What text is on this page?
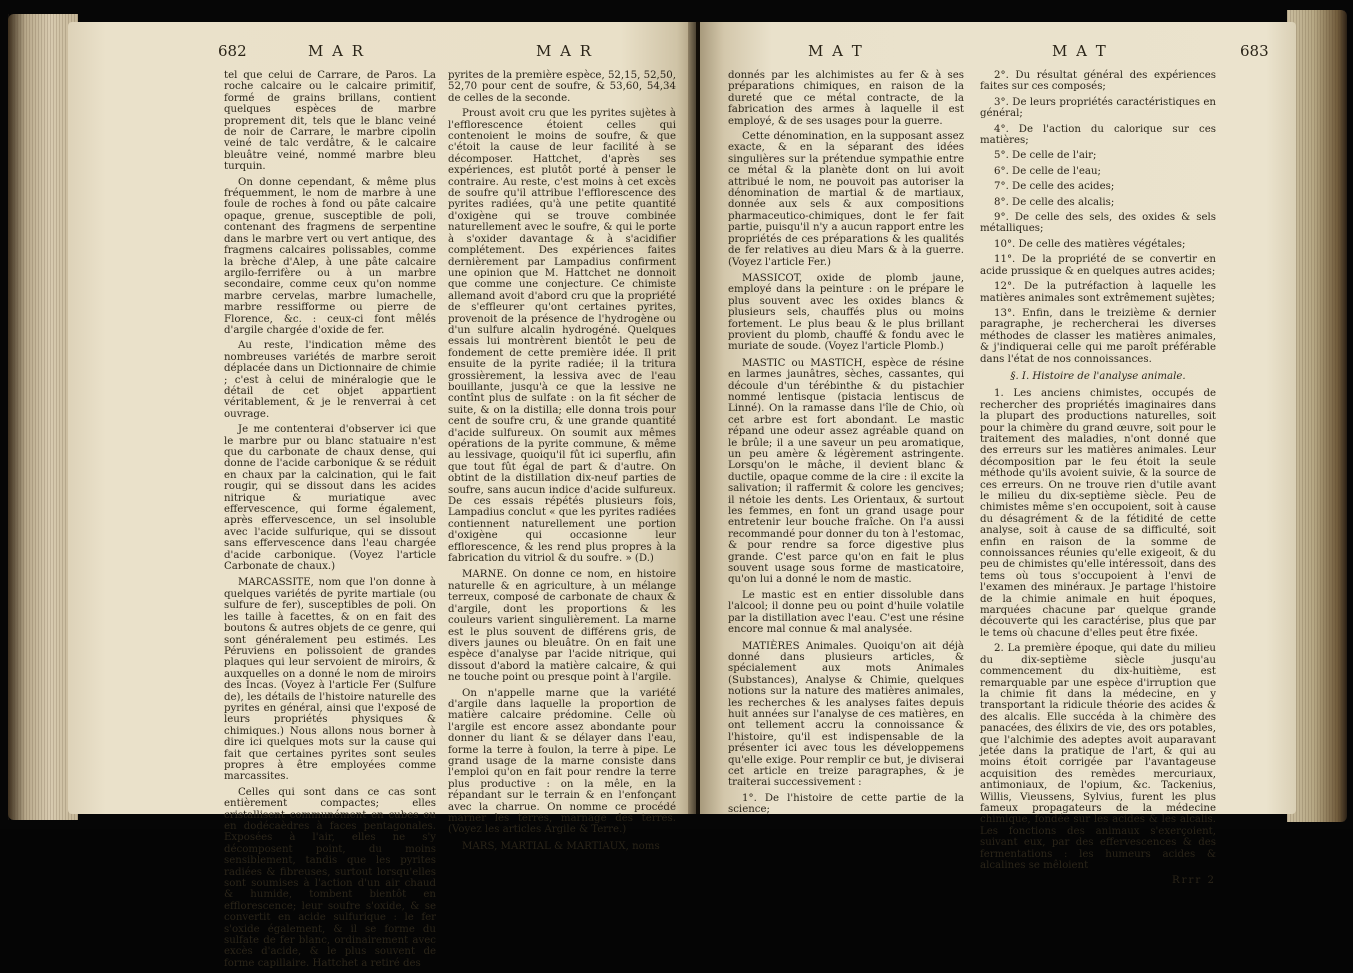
682	M A R	M A R

tel que celui de Carrare, de Paros. La roche calcaire ou le calcaire primitif, formé de grains brillans, contient quelques espèces de marbre proprement dit, tels que le blanc veiné de noir de Carrare, le marbre cipolin veiné de talc verdâtre, & le calcaire bleuâtre veiné, nommé marbre bleu turquin.

On donne cependant, & même plus fréquemment, le nom de marbre à une foule de roches à fond ou pâte calcaire opaque, grenue, susceptible de poli, contenant des fragmens de serpentine dans le marbre vert ou vert antique, des fragmens calcaires polissables, comme la brèche d'Alep, à une pâte calcaire argilo-ferrifère ou à un marbre secondaire, comme ceux qu'on nomme marbre cervelas, marbre lumachelle, marbre ressifforme ou pierre de Florence, &c. : ceux-ci font mêlés d'argile chargée d'oxide de fer.

Au reste, l'indication même des nombreuses variétés de marbre seroit déplacée dans un Dictionnaire de chimie ; c'est à celui de minéralogie que le détail de cet objet appartient véritablement, & je le renverrai à cet ouvrage.

Je me contenterai d'observer ici que le marbre pur ou blanc statuaire n'est que du carbonate de chaux dense, qui donne de l'acide carbonique & se réduit en chaux par la calcination, qui le fait rougir, qui se dissout dans les acides nitrique & muriatique avec effervescence, qui forme également, après effervescence, un sel insoluble avec l'acide sulfurique, qui se dissout sans effervescence dans l'eau chargée d'acide carbonique. (Voyez l'article Carbonate de chaux.)

MARCASSITE, nom que l'on donne à quelques variétés de pyrite martiale (ou sulfure de fer), susceptibles de poli. On les taille à facettes, & on en fait des boutons & autres objets de ce genre, qui sont généralement peu estimés. Les Péruviens en polissoient de grandes plaques qui leur servoient de miroirs, & auxquelles on a donné le nom de miroirs des Incas. (Voyez à l'article Fer (Sulfure de), les détails de l'histoire naturelle des pyrites en général, ainsi que l'exposé de leurs propriétés physiques & chimiques.) Nous allons nous borner à dire ici quelques mots sur la cause qui fait que certaines pyrites sont seules propres à être employées comme marcassites.

Celles qui sont dans ce cas sont entièrement compactes; elles cristallisent communément en cubes ou en dodécaèdres à faces pentagonales. Exposées à l'air, elles ne s'y décomposent point, du moins sensiblement, tandis que les pyrites radiées & fibreuses, surtout lorsqu'elles sont soumises à l'action d'un air chaud & humide, tombent bientôt en efflorescence; leur soufre s'oxide, & se convertit en acide sulfurique : le fer s'oxide également, & il se forme du sulfate de fer blanc, ordinairement avec excès d'acide, & le plus souvent de forme capillaire. Hattchet a retiré des

pyrites de la première espèce, 52,15, 52,50, 52,70 pour cent de soufre, & 53,60, 54,34 de celles de la seconde.

Proust avoit cru que les pyrites sujètes à l'efflorescence étoient celles qui contenoient le moins de soufre, & que c'étoit la cause de leur facilité à se décomposer. Hattchet, d'après ses expériences, est plutôt porté à penser le contraire. Au reste, c'est moins à cet excès de soufre qu'il attribue l'efflorescence des pyrites radiées, qu'à une petite quantité d'oxigène qui se trouve combinée naturellement avec le soufre, & qui le porte à s'oxider davantage & à s'acidifier complétement. Des expériences faites dernièrement par Lampadius confirment une opinion que M. Hattchet ne donnoit que comme une conjecture. Ce chimiste allemand avoit d'abord cru que la propriété de s'effleurer qu'ont certaines pyrites, provenoit de la présence de l'hydrogène ou d'un sulfure alcalin hydrogéné. Quelques essais lui montrèrent bientôt le peu de fondement de cette première idée. Il prit ensuite de la pyrite radiée; il la tritura grossièrement, la lessiva avec de l'eau bouillante, jusqu'à ce que la lessive ne contînt plus de sulfate : on la fit sécher de suite, & on la distilla; elle donna trois pour cent de soufre cru, & une grande quantité d'acide sulfureux. On soumit aux mêmes opérations de la pyrite commune, & même au lessivage, quoiqu'il fût ici superflu, afin que tout fût égal de part & d'autre. On obtint de la distillation dix-neuf parties de soufre, sans aucun indice d'acide sulfureux. De ces essais répétés plusieurs fois, Lampadius conclut « que les pyrites radiées contiennent naturellement une portion d'oxigène qui occasionne leur efflorescence, & les rend plus propres à la fabrication du vitriol & du soufre. » (D.)

MARNE. On donne ce nom, en histoire naturelle & en agriculture, à un mélange terreux, composé de carbonate de chaux & d'argile, dont les proportions & les couleurs varient singulièrement. La marne est le plus souvent de différens gris, de divers jaunes ou bleuâtre. On en fait une espèce d'analyse par l'acide nitrique, qui dissout d'abord la matière calcaire, & qui ne touche point ou presque point à l'argile.

On n'appelle marne que la variété d'argile dans laquelle la proportion de matière calcaire prédomine. Celle où l'argile est encore assez abondante pour donner du liant & se délayer dans l'eau, forme la terre à foulon, la terre à pipe. Le grand usage de la marne consiste dans l'emploi qu'on en fait pour rendre la terre plus productive : on la mêle, en la répandant sur le terrain & en l'enfonçant avec la charrue. On nomme ce procédé marner les terres, marnage des terres. (Voyez les articles Argile & Terre.)

MARS, MARTIAL & MARTIAUX, noms

M A T	M A T	683

donnés par les alchimistes au fer & à ses préparations chimiques, en raison de la dureté que ce métal contracte, de la fabrication des armes à laquelle il est employé, & de ses usages pour la guerre.

Cette dénomination, en la supposant assez exacte, & en la séparant des idées singulières sur la prétendue sympathie entre ce métal & la planète dont on lui avoit attribué le nom, ne pouvoit pas autoriser la dénomination de martial & de martiaux, donnée aux sels & aux compositions pharmaceutico-chimiques, dont le fer fait partie, puisqu'il n'y a aucun rapport entre les propriétés de ces préparations & les qualités de fer relatives au dieu Mars & à la guerre. (Voyez l'article Fer.)

MASSICOT, oxide de plomb jaune, employé dans la peinture : on le prépare le plus souvent avec les oxides blancs & plusieurs sels, chauffés plus ou moins fortement. Le plus beau & le plus brillant provient du plomb, chauffé & fondu avec le muriate de soude. (Voyez l'article Plomb.)

MASTIC ou MASTICH, espèce de résine en larmes jaunâtres, sèches, cassantes, qui découle d'un térébinthe & du pistachier nommé lentisque (pistacia lentiscus de Linné). On la ramasse dans l'île de Chio, où cet arbre est fort abondant. Le mastic répand une odeur assez agréable quand on le brûle; il a une saveur un peu aromatique, un peu amère & légèrement astringente. Lorsqu'on le mâche, il devient blanc & ductile, opaque comme de la cire : il excite la salivation; il raffermit & colore les gencives; il nétoie les dents. Les Orientaux, & surtout les femmes, en font un grand usage pour entretenir leur bouche fraîche. On l'a aussi recommandé pour donner du ton à l'estomac, & pour rendre sa force digestive plus grande. C'est parce qu'on en fait le plus souvent usage sous forme de masticatoire, qu'on lui a donné le nom de mastic.

Le mastic est en entier dissoluble dans l'alcool; il donne peu ou point d'huile volatile par la distillation avec l'eau. C'est une résine encore mal connue & mal analysée.

MATIÈRES Animales. Quoiqu'on ait déjà donné dans plusieurs articles, & spécialement aux mots Animales (Substances), Analyse & Chimie, quelques notions sur la nature des matières animales, les recherches & les analyses faites depuis huit années sur l'analyse de ces matières, en ont tellement accru la connoissance & l'histoire, qu'il est indispensable de la présenter ici avec tous les développemens qu'elle exige. Pour remplir ce but, je diviserai cet article en treize paragraphes, & je traiterai successivement :

1°. De l'histoire de cette partie de la science;

2°. Du résultat général des expériences faites sur ces composés;

3°. De leurs propriétés caractéristiques en général;

4°. De l'action du calorique sur ces matières;

5°. De celle de l'air;

6°. De celle de l'eau;

7°. De celle des acides;

8°. De celle des alcalis;

9°. De celle des sels, des oxides & sels métalliques;

10°. De celle des matières végétales;

11°. De la propriété de se convertir en acide prussique & en quelques autres acides;

12°. De la putréfaction à laquelle les matières animales sont extrêmement sujètes;

13°. Enfin, dans le treizième & dernier paragraphe, je rechercherai les diverses méthodes de classer les matières animales, & j'indiquerai celle qui me paroît préférable dans l'état de nos connoissances.

§. I. Histoire de l'analyse animale.

1. Les anciens chimistes, occupés de rechercher des propriétés imaginaires dans la plupart des productions naturelles, soit pour la chimère du grand œuvre, soit pour le traitement des maladies, n'ont donné que des erreurs sur les matières animales. Leur décomposition par le feu étoit la seule méthode qu'ils avoient suivie, & la source de ces erreurs. On ne trouve rien d'utile avant le milieu du dix-septième siècle. Peu de chimistes même s'en occupoient, soit à cause du désagrément & de la fétidité de cette analyse, soit à cause de sa difficulté, soit enfin en raison de la somme de connoissances réunies qu'elle exigeoit, & du peu de chimistes qu'elle intéressoit, dans des tems où tous s'occupoient à l'envi de l'examen des minéraux. Je partage l'histoire de la chimie animale en huit époques, marquées chacune par quelque grande découverte qui les caractérise, plus que par le tems où chacune d'elles peut être fixée.

2. La première époque, qui date du milieu du dix-septième siècle jusqu'au commencement du dix-huitième, est remarquable par une espèce d'irruption que la chimie fit dans la médecine, en y transportant la ridicule théorie des acides & des alcalis. Elle succéda à la chimère des panacées, des élixirs de vie, des ors potables, que l'alchimie des adeptes avoit auparavant jetée dans la pratique de l'art, & qui au moins étoit corrigée par l'avantageuse acquisition des remèdes mercuriaux, antimoniaux, de l'opium, &c. Tackenius, Willis, Vieussens, Sylvius, furent les plus fameux propagateurs de la médecine chimique, fondée sur les acides & les alcalis. Les fonctions des animaux s'exerçoient, suivant eux, par des effervescences & des fermentations : les humeurs acides & alcalines se mêloient

Rrrr 2
